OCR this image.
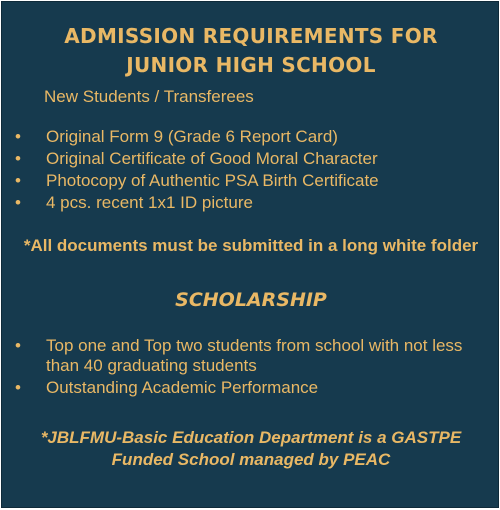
ADMISSION REQUIREMENTS FOR
JUNIOR HIGH SCHOOL

New Students / Transferees

• Original Form 9 (Grade 6 Report Card)
• Original Certificate of Good Moral Character
• Photocopy of Authentic PSA Birth Certificate
• 4 pcs. recent 1x1 ID picture

*All documents must be submitted in a long white folder

SCHOLARSHIP
• Top one and Top two students from school with not less than 40 graduating students
• Outstanding Academic Performance

*JBLFMU-Basic Education Department is a GASTPE
Funded School managed by PEAC
